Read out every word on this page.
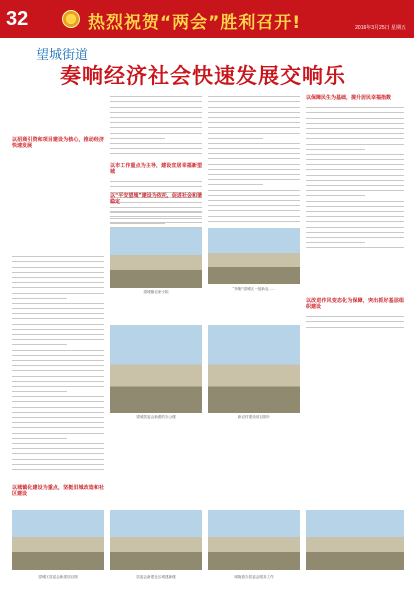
32	热烈祝贺“两会”胜利召开!	2016年3月25日 星期五
望城街道
奏响经济社会快速发展交响乐
以招商引资和项目建设为核心，推动经济快速发展
以市工作重点为主导，建设宜居幸福新望城
以“平安望城”建设为依托，促进社会和谐稳定
以保障民生为基础，提升居民幸福指数
以改进作风变态化为保障，突出抓好基层组织建设
以城镇化建设为重点，坚挺旧城改造和社区建设
望城镇农家小院
“李刚”望城区一组新农……
望城居委会新建的办公楼	新农村建设项目图片
望城区居委会新建项目图	居委会新建社区城建新楼	城街道办居委会服务工作
